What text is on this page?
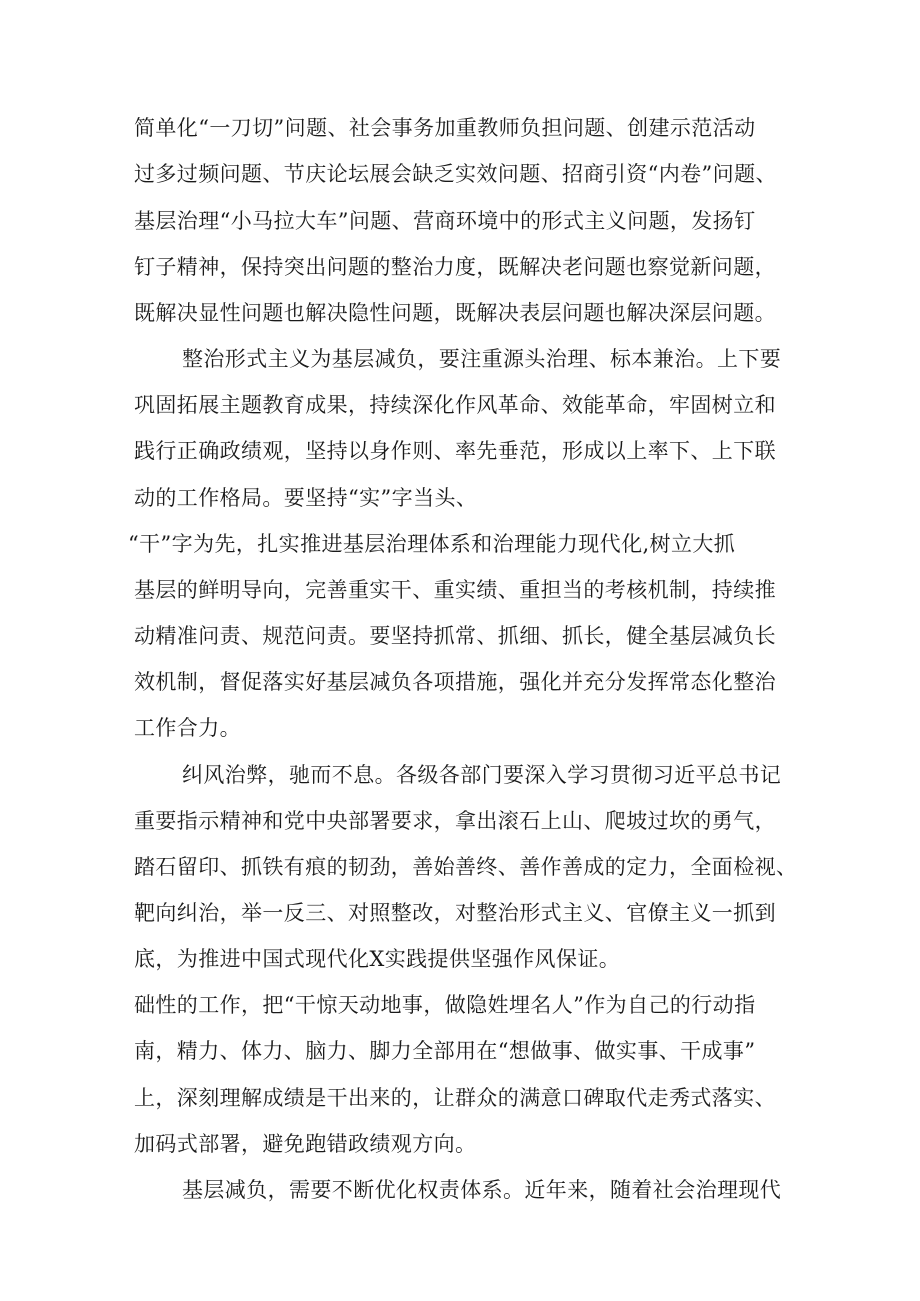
简单化“一刀切”问题、社会事务加重教师负担问题、创建示范活动
过多过频问题、节庆论坛展会缺乏实效问题、招商引资“内卷”问题、
基层治理“小马拉大车”问题、营商环境中的形式主义问题，发扬钉
钉子精神，保持突出问题的整治力度，既解决老问题也察觉新问题，
既解决显性问题也解决隐性问题，既解决表层问题也解决深层问题。
整治形式主义为基层减负，要注重源头治理、标本兼治。上下要
巩固拓展主题教育成果，持续深化作风革命、效能革命，牢固树立和
践行正确政绩观，坚持以身作则、率先垂范，形成以上率下、上下联
动的工作格局。要坚持“实”字当头、
“干”字为先，扎实推进基层治理体系和治理能力现代化,树立大抓
基层的鲜明导向，完善重实干、重实绩、重担当的考核机制，持续推
动精准问责、规范问责。要坚持抓常、抓细、抓长，健全基层减负长
效机制，督促落实好基层减负各项措施，强化并充分发挥常态化整治
工作合力。
纠风治弊，驰而不息。各级各部门要深入学习贯彻习近平总书记
重要指示精神和党中央部署要求，拿出滚石上山、爬坡过坎的勇气，
踏石留印、抓铁有痕的韧劲，善始善终、善作善成的定力，全面检视、
靶向纠治，举一反三、对照整改，对整治形式主义、官僚主义一抓到
底，为推进中国式现代化X实践提供坚强作风保证。
础性的工作，把“干惊天动地事，做隐姓埋名人”作为自己的行动指
南，精力、体力、脑力、脚力全部用在“想做事、做实事、干成事”
上，深刻理解成绩是干出来的，让群众的满意口碑取代走秀式落实、
加码式部署，避免跑错政绩观方向。
基层减负，需要不断优化权责体系。近年来，随着社会治理现代
